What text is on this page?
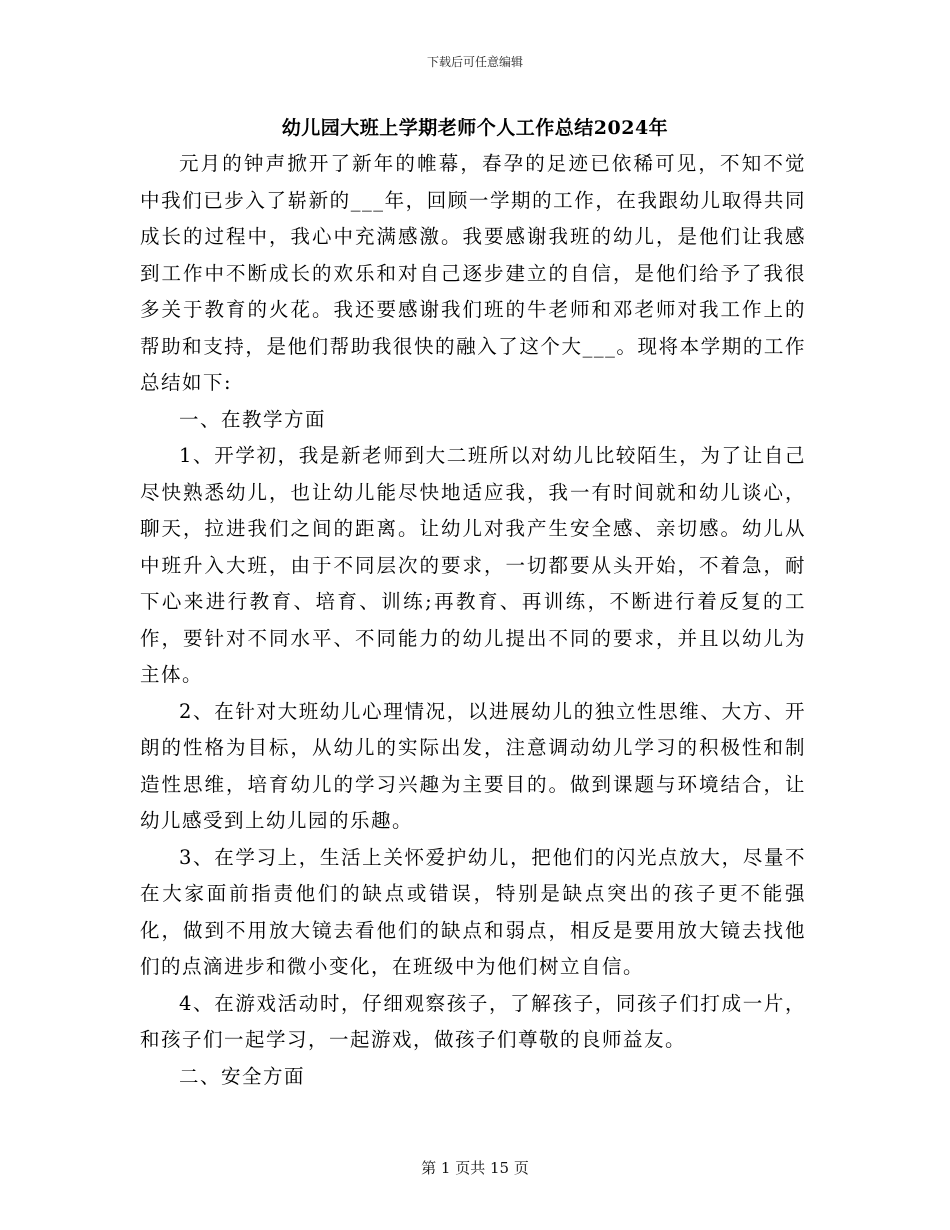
下载后可任意编辑
幼儿园大班上学期老师个人工作总结2024年

元月的钟声掀开了新年的帷幕，春孕的足迹已依稀可见，不知不觉中我们已步入了崭新的___年，回顾一学期的工作，在我跟幼儿取得共同成长的过程中，我心中充满感激。我要感谢我班的幼儿，是他们让我感到工作中不断成长的欢乐和对自己逐步建立的自信，是他们给予了我很多关于教育的火花。我还要感谢我们班的牛老师和邓老师对我工作上的帮助和支持，是他们帮助我很快的融入了这个大___。现将本学期的工作总结如下:

一、在教学方面

1、开学初，我是新老师到大二班所以对幼儿比较陌生，为了让自己尽快熟悉幼儿，也让幼儿能尽快地适应我，我一有时间就和幼儿谈心，聊天，拉进我们之间的距离。让幼儿对我产生安全感、亲切感。幼儿从中班升入大班，由于不同层次的要求，一切都要从头开始，不着急，耐下心来进行教育、培育、训练;再教育、再训练，不断进行着反复的工作，要针对不同水平、不同能力的幼儿提出不同的要求，并且以幼儿为主体。

2、在针对大班幼儿心理情况，以进展幼儿的独立性思维、大方、开朗的性格为目标，从幼儿的实际出发，注意调动幼儿学习的积极性和制造性思维，培育幼儿的学习兴趣为主要目的。做到课题与环境结合，让幼儿感受到上幼儿园的乐趣。

3、在学习上，生活上关怀爱护幼儿，把他们的闪光点放大，尽量不在大家面前指责他们的缺点或错误，特别是缺点突出的孩子更不能强化，做到不用放大镜去看他们的缺点和弱点，相反是要用放大镜去找他们的点滴进步和微小变化，在班级中为他们树立自信。

4、在游戏活动时，仔细观察孩子，了解孩子，同孩子们打成一片，和孩子们一起学习，一起游戏，做孩子们尊敬的良师益友。

二、安全方面

第 1 页共 15 页
